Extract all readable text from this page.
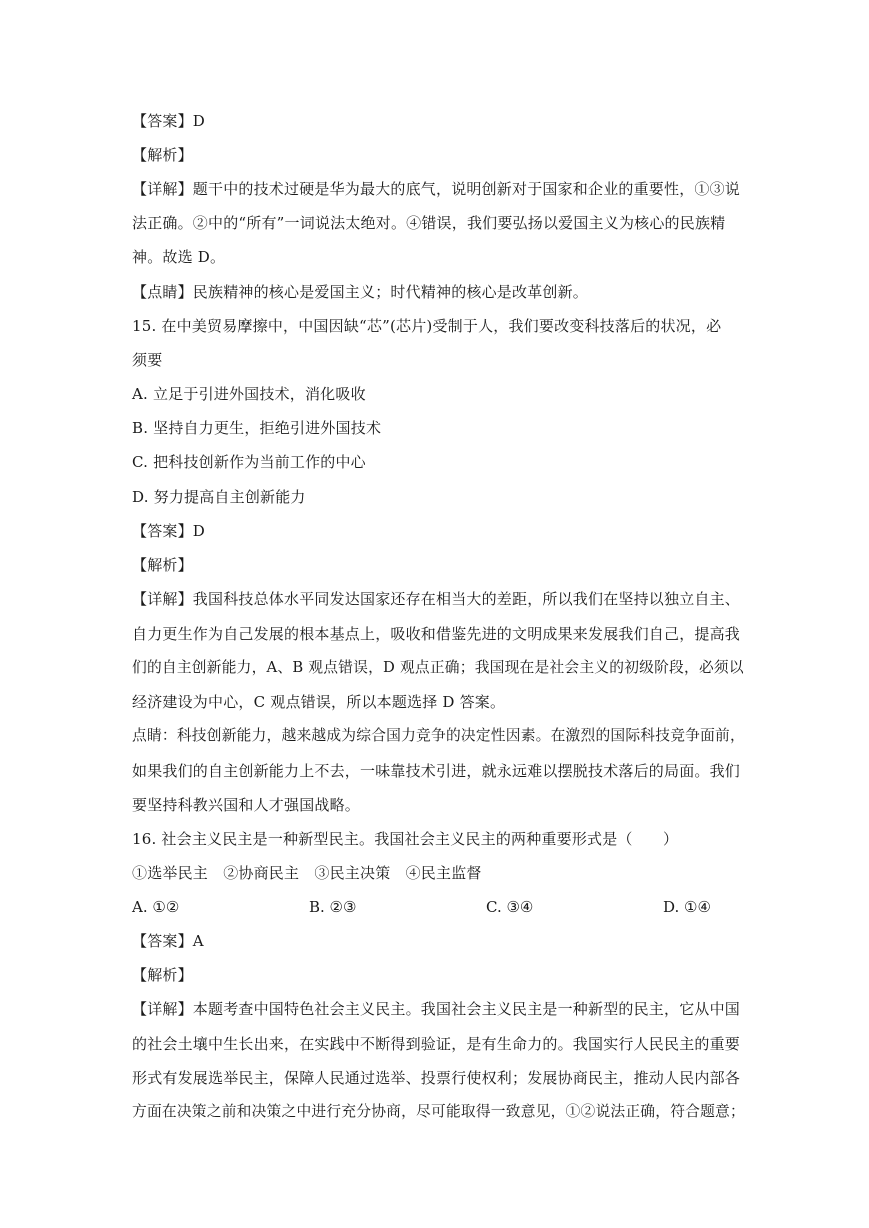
【答案】D
【解析】
【详解】题干中的技术过硬是华为最大的底气，说明创新对于国家和企业的重要性，①③说
法正确。②中的“所有”一词说法太绝对。④错误，我们要弘扬以爱国主义为核心的民族精
神。故选 D。
【点睛】民族精神的核心是爱国主义；时代精神的核心是改革创新。
15. 在中美贸易摩擦中，中国因缺“芯”(芯片)受制于人，我们要改变科技落后的状况，必
须要
A. 立足于引进外国技术，消化吸收
B. 坚持自力更生，拒绝引进外国技术
C. 把科技创新作为当前工作的中心
D. 努力提高自主创新能力
【答案】D
【解析】
【详解】我国科技总体水平同发达国家还存在相当大的差距，所以我们在坚持以独立自主、
自力更生作为自己发展的根本基点上，吸收和借鉴先进的文明成果来发展我们自己，提高我
们的自主创新能力，A、B 观点错误，D 观点正确；我国现在是社会主义的初级阶段，必须以
经济建设为中心，C 观点错误，所以本题选择 D 答案。
点睛：科技创新能力，越来越成为综合国力竞争的决定性因素。在激烈的国际科技竞争面前，
如果我们的自主创新能力上不去，一味靠技术引进，就永远难以摆脱技术落后的局面。我们
要坚持科教兴国和人才强国战略。
16. 社会主义民主是一种新型民主。我国社会主义民主的两种重要形式是（　　）
①选举民主　②协商民主　③民主决策　④民主监督
A. ①②	B. ②③	C. ③④	D. ①④
【答案】A
【解析】
【详解】本题考查中国特色社会主义民主。我国社会主义民主是一种新型的民主，它从中国
的社会土壤中生长出来，在实践中不断得到验证，是有生命力的。我国实行人民民主的重要
形式有发展选举民主，保障人民通过选举、投票行使权利；发展协商民主，推动人民内部各
方面在决策之前和决策之中进行充分协商，尽可能取得一致意见，①②说法正确，符合题意；
